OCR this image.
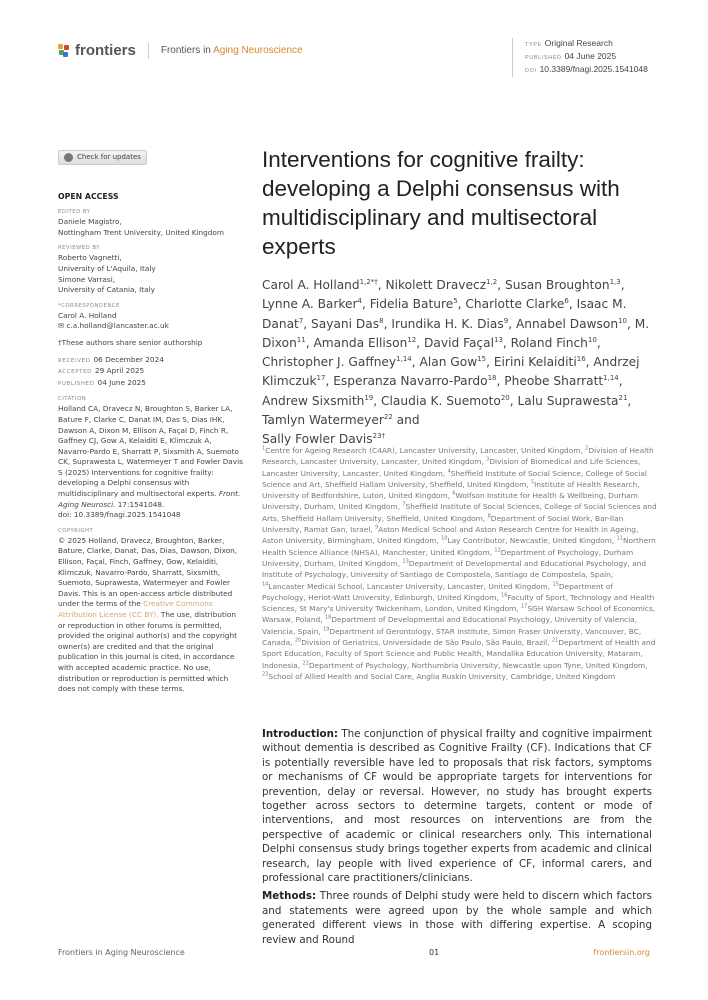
frontiers	Frontiers in Aging Neuroscience	TYPE Original Research
PUBLISHED 04 June 2025
DOI 10.3389/fnagi.2025.1541048
Check for updates
OPEN ACCESS
EDITED BY
Daniele Magistro,
Nottingham Trent University, United Kingdom
REVIEWED BY
Roberto Vagnetti,
University of L'Aquila, Italy
Simone Varrasi,
University of Catania, Italy
*CORRESPONDENCE
Carol A. Holland
✉ c.a.holland@lancaster.ac.uk
†These authors share senior authorship
RECEIVED 06 December 2024
ACCEPTED 29 April 2025
PUBLISHED 04 June 2025
CITATION
Holland CA, Dravecz N, Broughton S, Barker LA, Bature F, Clarke C, Danat IM, Das S, Dias IHK, Dawson A, Dixon M, Ellison A, Façal D, Finch R, Gaffney CJ, Gow A, Kelaiditi E, Klimczuk A, Navarro-Pardo E, Sharratt P, Sixsmith A, Suemoto CK, Suprawesta L, Watermeyer T and Fowler Davis S (2025) Interventions for cognitive frailty: developing a Delphi consensus with multidisciplinary and multisectoral experts. Front. Aging Neurosci. 17:1541048.
doi: 10.3389/fnagi.2025.1541048
COPYRIGHT
© 2025 Holland, Dravecz, Broughton, Barker, Bature, Clarke, Danat, Das, Dias, Dawson, Dixon, Ellison, Façal, Finch, Gaffney, Gow, Kelaiditi, Klimczuk, Navarro-Pardo, Sharratt, Sixsmith, Suemoto, Suprawesta, Watermeyer and Fowler Davis. This is an open-access article distributed under the terms of the Creative Commons Attribution License (CC BY). The use, distribution or reproduction in other forums is permitted, provided the original author(s) and the copyright owner(s) are credited and that the original publication in this journal is cited, in accordance with accepted academic practice. No use, distribution or reproduction is permitted which does not comply with these terms.
Interventions for cognitive frailty: developing a Delphi consensus with multidisciplinary and multisectoral experts
Carol A. Holland$^{1,2*\dagger}$, Nikolett Dravecz$^{1,2}$, Susan Broughton$^{1,3}$, Lynne A. Barker$^4$, Fidelia Bature$^5$, Charlotte Clarke$^6$, Isaac M. Danat$^7$, Sayani Das$^8$, Irundika H. K. Dias$^9$, Annabel Dawson$^{10}$, M. Dixon$^{11}$, Amanda Ellison$^{12}$, David Façal$^{13}$, Roland Finch$^{10}$, Christopher J. Gaffney$^{1,14}$, Alan Gow$^{15}$, Eirini Kelaiditi$^{16}$, Andrzej Klimczuk$^{17}$, Esperanza Navarro-Pardo$^{18}$, Pheobe Sharratt$^{1,14}$, Andrew Sixsmith$^{19}$, Claudia K. Suemoto$^{20}$, Lalu Suprawesta$^{21}$, Tamlyn Watermeyer$^{22}$ and
Sally Fowler Davis$^{23\dagger}$
$^1$Centre for Ageing Research (C4AR), Lancaster University, Lancaster, United Kingdom, $^2$Division of Health Research, Lancaster University, Lancaster, United Kingdom, $^3$Division of Biomedical and Life Sciences, Lancaster University, Lancaster, United Kingdom, $^4$Sheffield Institute of Social Science, College of Social Science and Art, Sheffield Hallam University, Sheffield, United Kingdom, $^5$Institute of Health Research, University of Bedfordshire, Luton, United Kingdom, $^6$Wolfson Institute for Health & Wellbeing, Durham University, Durham, United Kingdom, $^7$Sheffield Institute of Social Sciences, College of Social Sciences and Arts, Sheffield Hallam University, Sheffield, United Kingdom, $^8$Department of Social Work, Bar-Ilan University, Ramat Gan, Israel, $^9$Aston Medical School and Aston Research Centre for Health in Ageing, Aston University, Birmingham, United Kingdom, $^{10}$Lay Contributor, Newcastle, United Kingdom, $^{11}$Northern Health Science Alliance (NHSA), Manchester, United Kingdom, $^{12}$Department of Psychology, Durham University, Durham, United Kingdom, $^{13}$Department of Developmental and Educational Psychology, and Institute of Psychology, University of Santiago de Compostela, Santiago de Compostela, Spain, $^{14}$Lancaster Medical School, Lancaster University, Lancaster, United Kingdom, $^{15}$Department of Psychology, Heriot-Watt University, Edinburgh, United Kingdom, $^{16}$Faculty of Sport, Technology and Health Sciences, St Mary's University Twickenham, London, United Kingdom, $^{17}$SGH Warsaw School of Economics, Warsaw, Poland, $^{18}$Department of Developmental and Educational Psychology, University of Valencia, Valencia, Spain, $^{19}$Department of Gerontology, STAR Institute, Simon Fraser University, Vancouver, BC, Canada, $^{20}$Division of Geriatrics, Universidade de São Paulo, São Paulo, Brazil, $^{21}$Department of Health and Sport Education, Faculty of Sport Science and Public Health, Mandalika Education University, Mataram, Indonesia, $^{22}$Department of Psychology, Northumbria University, Newcastle upon Tyne, United Kingdom, $^{23}$School of Allied Health and Social Care, Anglia Ruskin University, Cambridge, United Kingdom

Introduction: The conjunction of physical frailty and cognitive impairment without dementia is described as Cognitive Frailty (CF). Indications that CF is potentially reversible have led to proposals that risk factors, symptoms or mechanisms of CF would be appropriate targets for interventions for prevention, delay or reversal. However, no study has brought experts together across sectors to determine targets, content or mode of interventions, and most resources on interventions are from the perspective of academic or clinical researchers only. This international Delphi consensus study brings together experts from academic and clinical research, lay people with lived experience of CF, informal carers, and professional care practitioners/clinicians.

Methods: Three rounds of Delphi study were held to discern which factors and statements were agreed upon by the whole sample and which generated different views in those with differing expertise. A scoping review and Round

Frontiers in Aging Neuroscience	01	frontiersin.org
